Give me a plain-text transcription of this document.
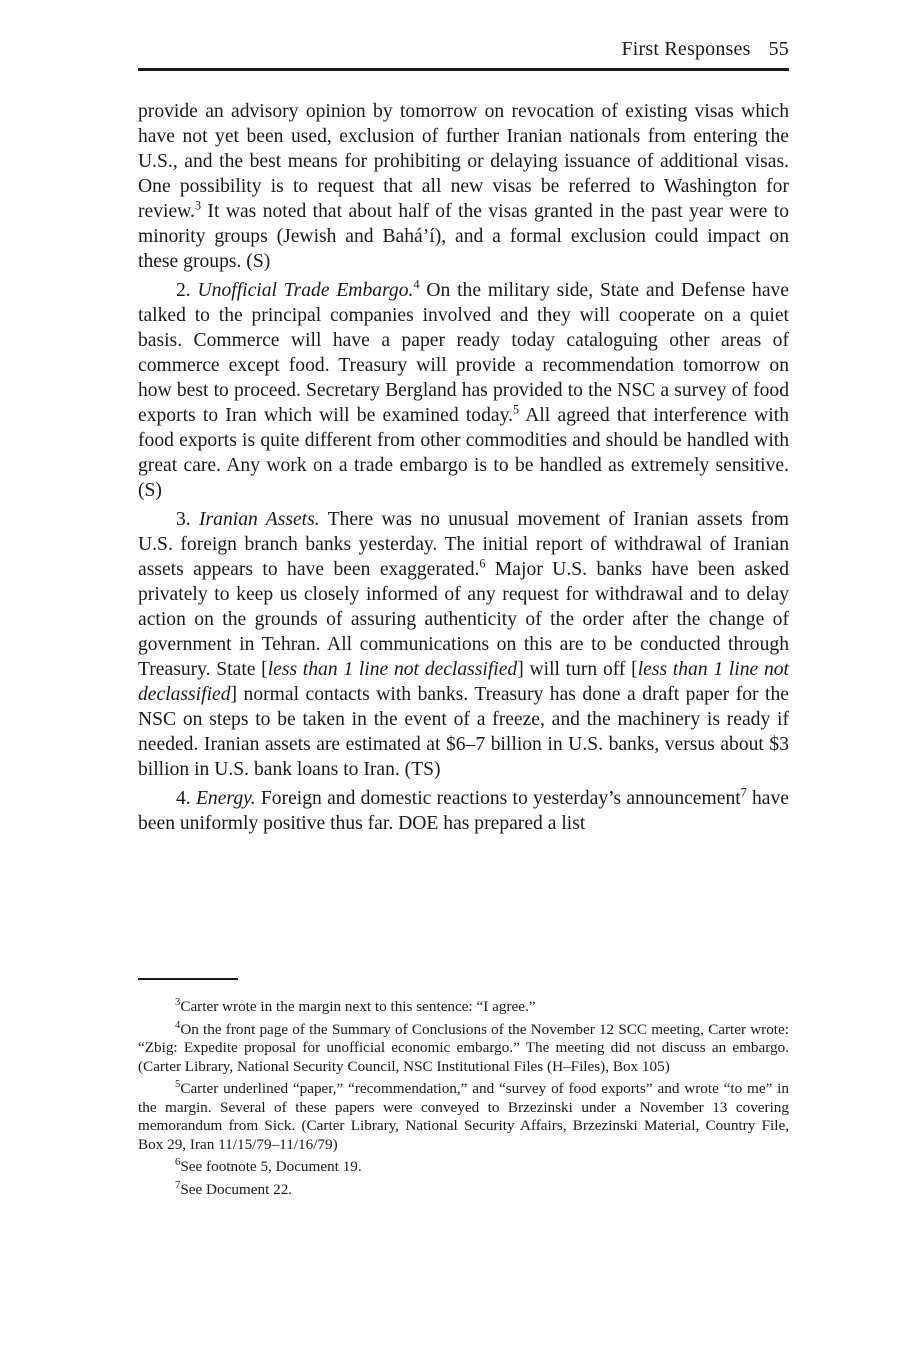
First Responses 55

provide an advisory opinion by tomorrow on revocation of existing visas which have not yet been used, exclusion of further Iranian nationals from entering the U.S., and the best means for prohibiting or delaying issuance of additional visas. One possibility is to request that all new visas be referred to Washington for review.$^3$ It was noted that about half of the visas granted in the past year were to minority groups (Jewish and Bahá’í), and a formal exclusion could impact on these groups. (S)

2. Unofficial Trade Embargo.$^4$ On the military side, State and Defense have talked to the principal companies involved and they will cooperate on a quiet basis. Commerce will have a paper ready today cataloguing other areas of commerce except food. Treasury will provide a recommendation tomorrow on how best to proceed. Secretary Bergland has provided to the NSC a survey of food exports to Iran which will be examined today.$^5$ All agreed that interference with food exports is quite different from other commodities and should be handled with great care. Any work on a trade embargo is to be handled as extremely sensitive. (S)

3. Iranian Assets. There was no unusual movement of Iranian assets from U.S. foreign branch banks yesterday. The initial report of withdrawal of Iranian assets appears to have been exaggerated.$^6$ Major U.S. banks have been asked privately to keep us closely informed of any request for withdrawal and to delay action on the grounds of assuring authenticity of the order after the change of government in Tehran. All communications on this are to be conducted through Treasury. State [less than 1 line not declassified] will turn off [less than 1 line not declassified] normal contacts with banks. Treasury has done a draft paper for the NSC on steps to be taken in the event of a freeze, and the machinery is ready if needed. Iranian assets are estimated at $6–7 billion in U.S. banks, versus about $3 billion in U.S. bank loans to Iran. (TS)

4. Energy. Foreign and domestic reactions to yesterday’s announcement$^7$ have been uniformly positive thus far. DOE has prepared a list

$^3$Carter wrote in the margin next to this sentence: “I agree.”

$^4$On the front page of the Summary of Conclusions of the November 12 SCC meeting, Carter wrote: “Zbig: Expedite proposal for unofficial economic embargo.” The meeting did not discuss an embargo. (Carter Library, National Security Council, NSC Institutional Files (H–Files), Box 105)

$^5$Carter underlined “paper,” “recommendation,” and “survey of food exports” and wrote “to me” in the margin. Several of these papers were conveyed to Brzezinski under a November 13 covering memorandum from Sick. (Carter Library, National Security Affairs, Brzezinski Material, Country File, Box 29, Iran 11/15/79–11/16/79)

$^6$See footnote 5, Document 19.

$^7$See Document 22.
